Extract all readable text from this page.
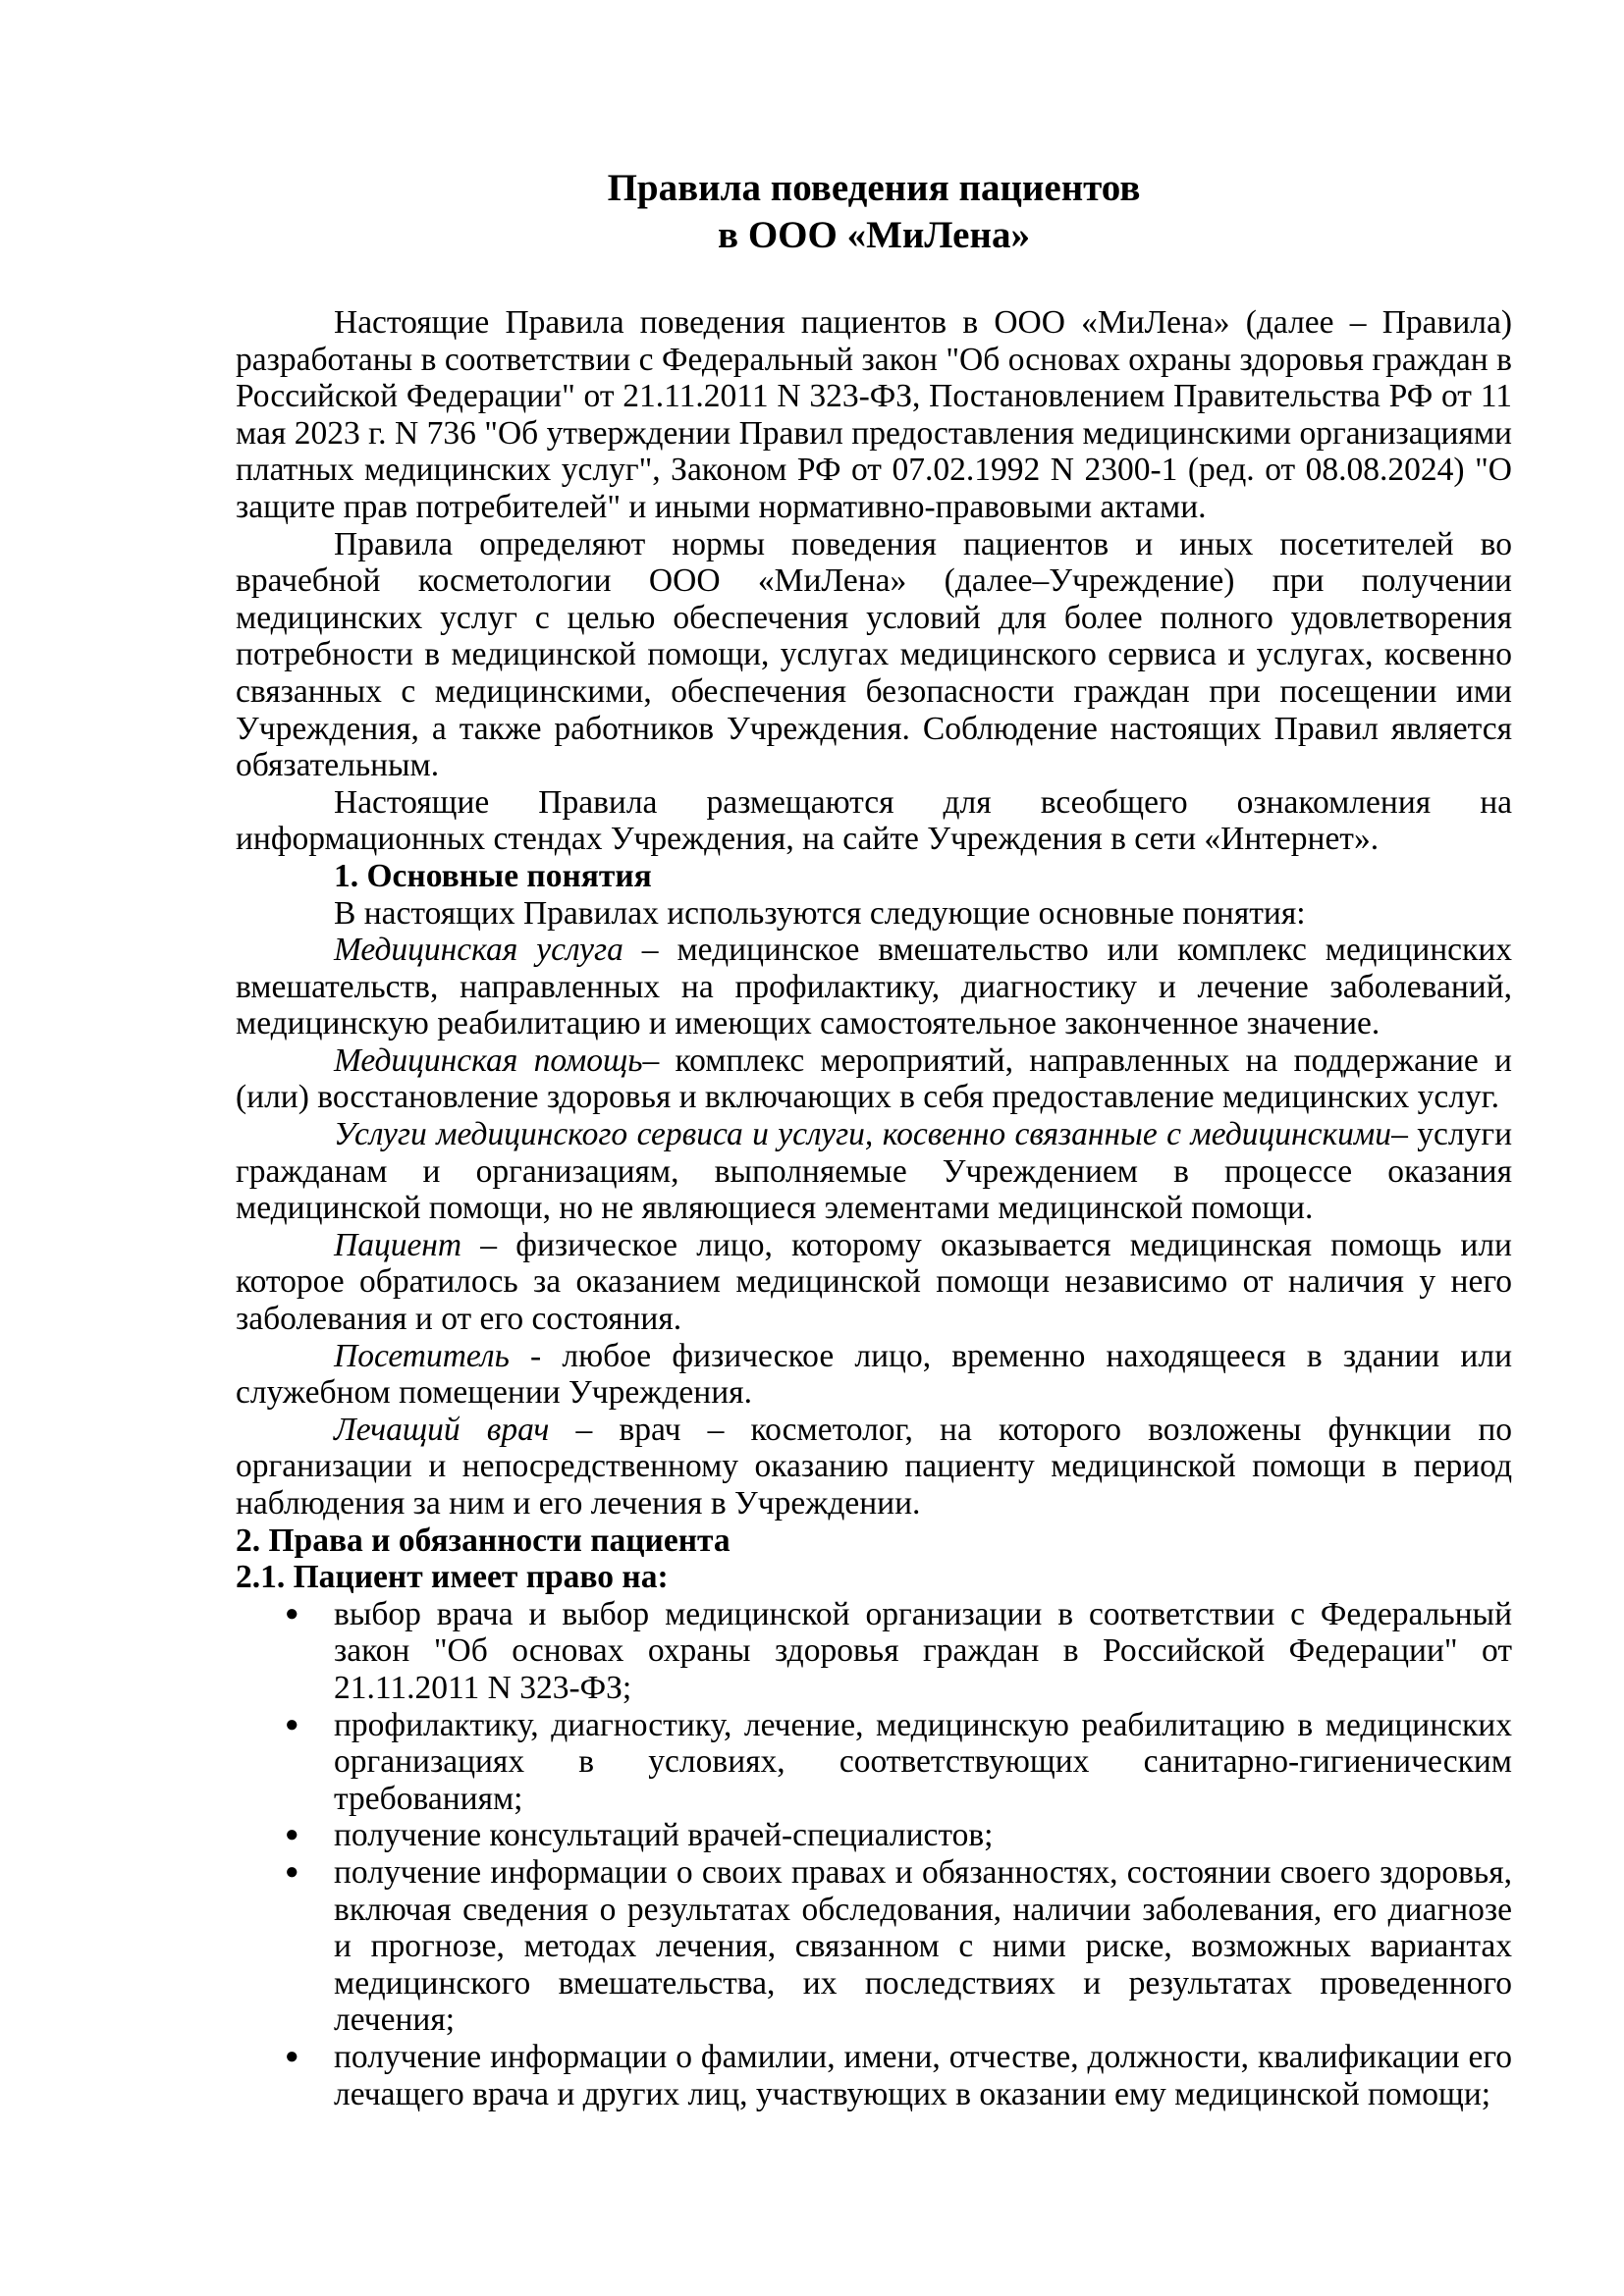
Правила поведения пациентов
в ООО «МиЛена»

Настоящие Правила поведения пациентов в ООО «МиЛена» (далее – Правила) разработаны в соответствии с Федеральный закон "Об основах охраны здоровья граждан в Российской Федерации" от 21.11.2011 N 323-ФЗ, Постановлением Правительства РФ от 11 мая 2023 г. N 736 "Об утверждении Правил предоставления медицинскими организациями платных медицинских услуг", Законом РФ от 07.02.1992 N 2300-1 (ред. от 08.08.2024) "О защите прав потребителей" и иными нормативно-правовыми актами.

Правила определяют нормы поведения пациентов и иных посетителей во врачебной косметологии ООО «МиЛена» (далее–Учреждение) при получении медицинских услуг с целью обеспечения условий для более полного удовлетворения потребности в медицинской помощи, услугах медицинского сервиса и услугах, косвенно связанных с медицинскими, обеспечения безопасности граждан при посещении ими Учреждения, а также работников Учреждения. Соблюдение настоящих Правил является обязательным.

Настоящие Правила размещаются для всеобщего ознакомления на информационных стендах Учреждения, на сайте Учреждения в сети «Интернет».

1. Основные понятия

В настоящих Правилах используются следующие основные понятия:

Медицинская услуга – медицинское вмешательство или комплекс медицинских вмешательств, направленных на профилактику, диагностику и лечение заболеваний, медицинскую реабилитацию и имеющих самостоятельное законченное значение.

Медицинская помощь– комплекс мероприятий, направленных на поддержание и (или) восстановление здоровья и включающих в себя предоставление медицинских услуг.

Услуги медицинского сервиса и услуги, косвенно связанные с медицинскими– услуги гражданам и организациям, выполняемые Учреждением в процессе оказания медицинской помощи, но не являющиеся элементами медицинской помощи.

Пациент – физическое лицо, которому оказывается медицинская помощь или которое обратилось за оказанием медицинской помощи независимо от наличия у него заболевания и от его состояния.

Посетитель - любое физическое лицо, временно находящееся в здании или служебном помещении Учреждения.

Лечащий врач – врач – косметолог, на которого возложены функции по организации и непосредственному оказанию пациенту медицинской помощи в период наблюдения за ним и его лечения в Учреждении.

2. Права и обязанности пациента

2.1. Пациент имеет право на:

● выбор врача и выбор медицинской организации в соответствии с Федеральный закон "Об основах охраны здоровья граждан в Российской Федерации" от 21.11.2011 N 323-ФЗ;
● профилактику, диагностику, лечение, медицинскую реабилитацию в медицинских организациях в условиях, соответствующих санитарно-гигиеническим требованиям;
● получение консультаций врачей-специалистов;
● получение информации о своих правах и обязанностях, состоянии своего здоровья, включая сведения о результатах обследования, наличии заболевания, его диагнозе и прогнозе, методах лечения, связанном с ними риске, возможных вариантах медицинского вмешательства, их последствиях и результатах проведенного лечения;
● получение информации о фамилии, имени, отчестве, должности, квалификации его лечащего врача и других лиц, участвующих в оказании ему медицинской помощи;
